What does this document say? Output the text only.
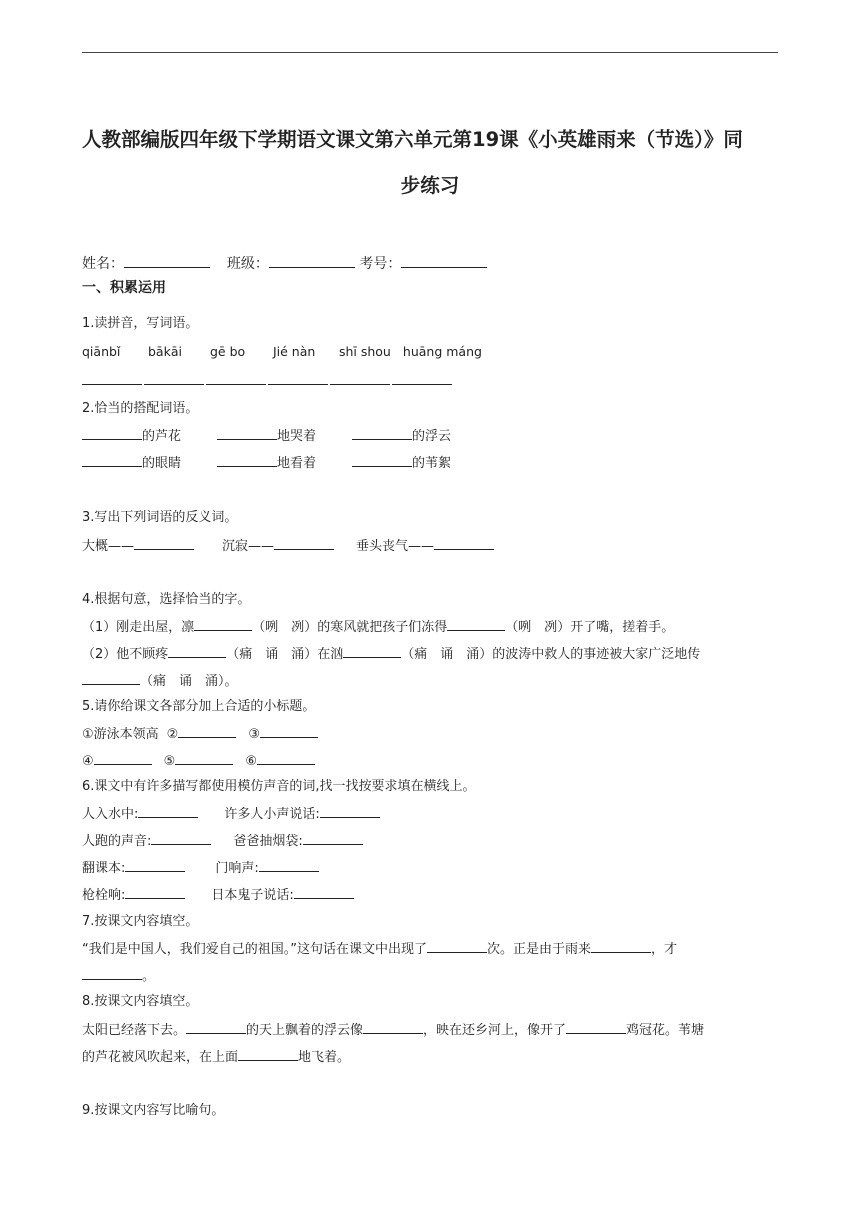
人教部编版四年级下学期语文课文第六单元第19课《小英雄雨来（节选）》同
步练习
姓名：	班级：	考号：
一、积累运用
1.读拼音，写词语。
qiānbǐ bākāi gē bo Jié nàn shī shou huāng máng
2.恰当的搭配词语。
的芦花	地哭着	的浮云
的眼睛	地看着	的苇絮
3.写出下列词语的反义词。
大概——	沉寂——	垂头丧气——
4.根据句意，选择恰当的字。
（1）刚走出屋，凛	（咧　冽）的寒风就把孩子们冻得	（咧　冽）开了嘴，搓着手。
（2）他不顾疼	（痛　诵　涌）在汹	（痛　诵　涌）的波涛中救人的事迹被大家广泛地传
（痛　诵　涌）。
5.请你给课文各部分加上合适的小标题。
①游泳本领高 ②	③
④	⑤	⑥
6.课文中有许多描写都使用模仿声音的词,找一找按要求填在横线上。
人入水中:	许多人小声说话:
人跑的声音:	爸爸抽烟袋:
翻课本:	门响声:
枪栓响:	日本鬼子说话:
7.按课文内容填空。
“我们是中国人，我们爱自己的祖国。”这句话在课文中出现了	次。正是由于雨来	，才
。
8.按课文内容填空。
太阳已经落下去。	的天上飘着的浮云像	，映在还乡河上，像开了	鸡冠花。苇塘
的芦花被风吹起来，在上面	地飞着。
9.按课文内容写比喻句。
